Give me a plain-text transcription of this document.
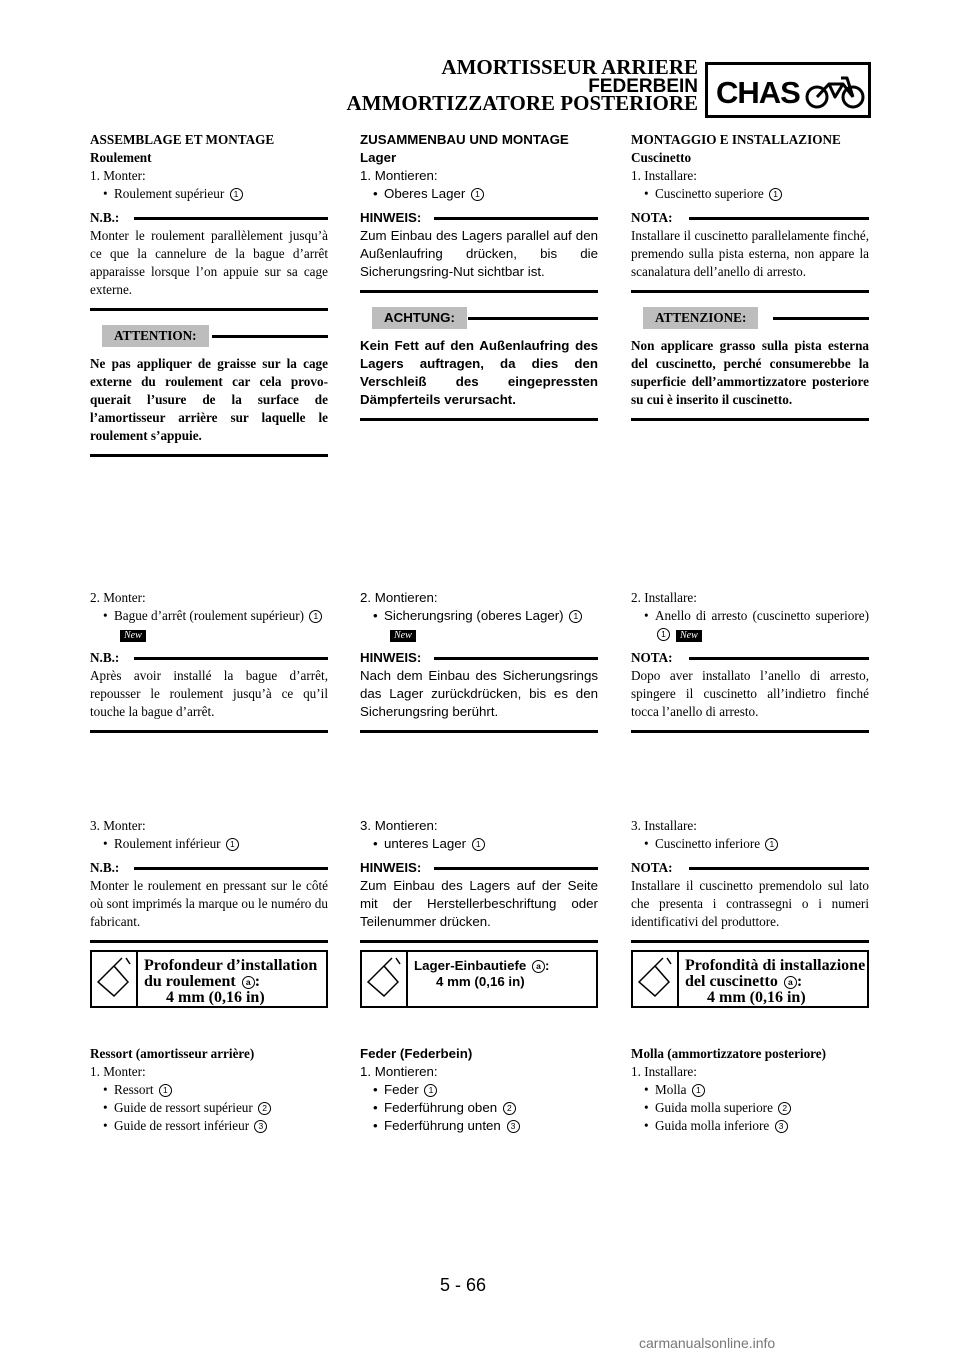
AMORTISSEUR ARRIERE
FEDERBEIN
AMMORTIZZATORE POSTERIORE CHAS
ASSEMBLAGE ET MONTAGE
Roulement
1. Monter:
• Roulement supérieur 1
N.B.:
Monter le roulement parallèlement jusqu’à ce que la cannelure de la bague d’arrêt apparaisse lorsque l’on appuie sur sa cage externe.
ATTENTION:
Ne pas appliquer de graisse sur la cage externe du roulement car cela provoquerait l’usure de la surface de l’amortisseur arrière sur laquelle le roulement s’appuie.
2. Monter:
• Bague d’arrêt (roulement supérieur) 1New
N.B.:
Après avoir installé la bague d’arrêt, repousser le roulement jusqu’à ce qu’il touche la bague d’arrêt.
3. Monter:
• Roulement inférieur 1
N.B.:
Monter le roulement en pressant sur le côté où sont imprimés la marque ou le numéro du fabricant.
Profondeur d’installation
du roulement a :

4 mm (0,16 in)
Ressort (amortisseur arrière)
1. Monter:
• Ressort 1
• Guide de ressort supérieur 2
• Guide de ressort inférieur 3
ZUSAMMENBAU UND MONTAGE
Lager
1. Montieren:
• Oberes Lager 1
HINWEIS:
Zum Einbau des Lagers parallel auf den Außenlaufring drücken, bis die Sicherungsring-Nut sichtbar ist.
ACHTUNG:
Kein Fett auf den Außenlaufring des Lagers auftragen, da dies den Verschleiß des eingepressten Dämpferteils verursacht.
2. Montieren:
• Sicherungsring (oberes Lager) 1New
HINWEIS:
Nach dem Einbau des Sicherungsrings das Lager zurückdrücken, bis es den Sicherungsring berührt.
3. Montieren:
• unteres Lager 1
HINWEIS:
Zum Einbau des Lagers auf der Seite mit der Herstellerbeschriftung oder Teilenummer drücken.
Lager-Einbautiefe a :

4 mm (0,16 in)
Feder (Federbein)
1. Montieren:
• Feder 1
• Federführung oben 2
• Federführung unten 3
MONTAGGIO E INSTALLAZIONE
Cuscinetto
1. Installare:
• Cuscinetto superiore 1
NOTA:
Installare il cuscinetto parallelamente finché, premendo sulla pista esterna, non appare la scanalatura dell’anello di arresto.
ATTENZIONE:
Non applicare grasso sulla pista esterna del cuscinetto, perché consumerebbe la superficie dell’ammortizzatore posteriore su cui è inserito il cuscinetto.
2. Installare:
• Anello di arresto (cuscinetto superiore) 1 New
NOTA:
Dopo aver installato l’anello di arresto, spingere il cuscinetto all’indietro finché tocca l’anello di arresto.
3. Installare:
• Cuscinetto inferiore 1
NOTA:
Installare il cuscinetto premendolo sul lato che presenta i contrassegni o i numeri identificativi del produttore.
Profondità di installazione
del cuscinetto a :

4 mm (0,16 in)
Molla (ammortizzatore posteriore)
1. Installare:
• Molla 1
• Guida molla superiore 2
• Guida molla inferiore 3
5 - 66
carmanualsonline.info
